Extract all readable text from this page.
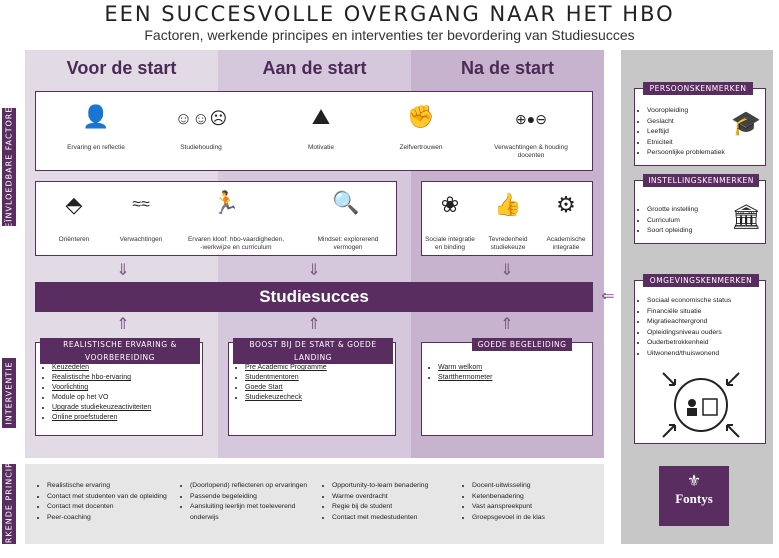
EEN SUCCESVOLLE OVERGANG NAAR HET HBO
Factoren, werkende principes en interventies ter bevordering van Studiesucces
Voor de start	Aan de start	Na de start
BEÏNVLOEDBARE FACTOREN
INTERVENTIE
WERKENDE PRINCIPES
👤
Ervaring en reflectie
☺☺☹
Studiehouding
⛰
Motivatie
✊
Zelfvertrouwen
⊕●⊖
Verwachtingen & houding docenten
⬘
Oriënteren
≈≈
Verwachtingen
🏃
Ervaren kloof: hbo-vaardigheden, -werkwijze en curriculum
🔍
Mindset: explorerend vermogen
❀
Sociale integratie en binding
👍
Tevredenheid studiekeuze
⚙
Academische integratie
⇓	⇓	⇓
Studiesucces	⇐
⇑	⇑	⇑
REALISTISCHE ERVARING & VOORBEREIDING
• Keuzedelen
• Realistische hbo-ervaring
• Voorlichting
• Module op het VO
• Upgrade studiekeuzeactiviteiten
• Online proefstuderen
BOOST BIJ DE START & GOEDE LANDING
• Pre Academic Programme
• Studentmentoren
• Goede Start
• Studiekeuzecheck
GOEDE BEGELEIDING
• Warm welkom
• Startthermometer
• Realistische ervaring
• Contact met studenten van de opleiding
• Contact met docenten
• Peer-coaching
• (Doorlopend) reflecteren op ervaringen
• Passende begeleiding
• Aansluiting leerlijn met toeleverend onderwijs
• Opportunity-to-learn benadering
• Warme overdracht
• Regie bij de student
• Contact met medestudenten
• Docent-uitwisseling
• Ketenbenadering
• Vast aanspreekpunt
• Groepsgevoel in de klas
PERSOONSKENMERKEN
• Vooropleiding
• Geslacht
• Leeftijd
• Etniciteit
• Persoonlijke problematiek
🎓
INSTELLINGSKENMERKEN
• Grootte instelling
• Curriculum
• Soort opleiding	🏛
OMGEVINGSKENMERKEN
• Sociaal economische status
• Financiële situatie
• Migratieachtergrond
• Opleidingsniveau ouders
• Ouderbetrokkenheid
• Uitwonend/thuiswonend
⚜
Fontys
